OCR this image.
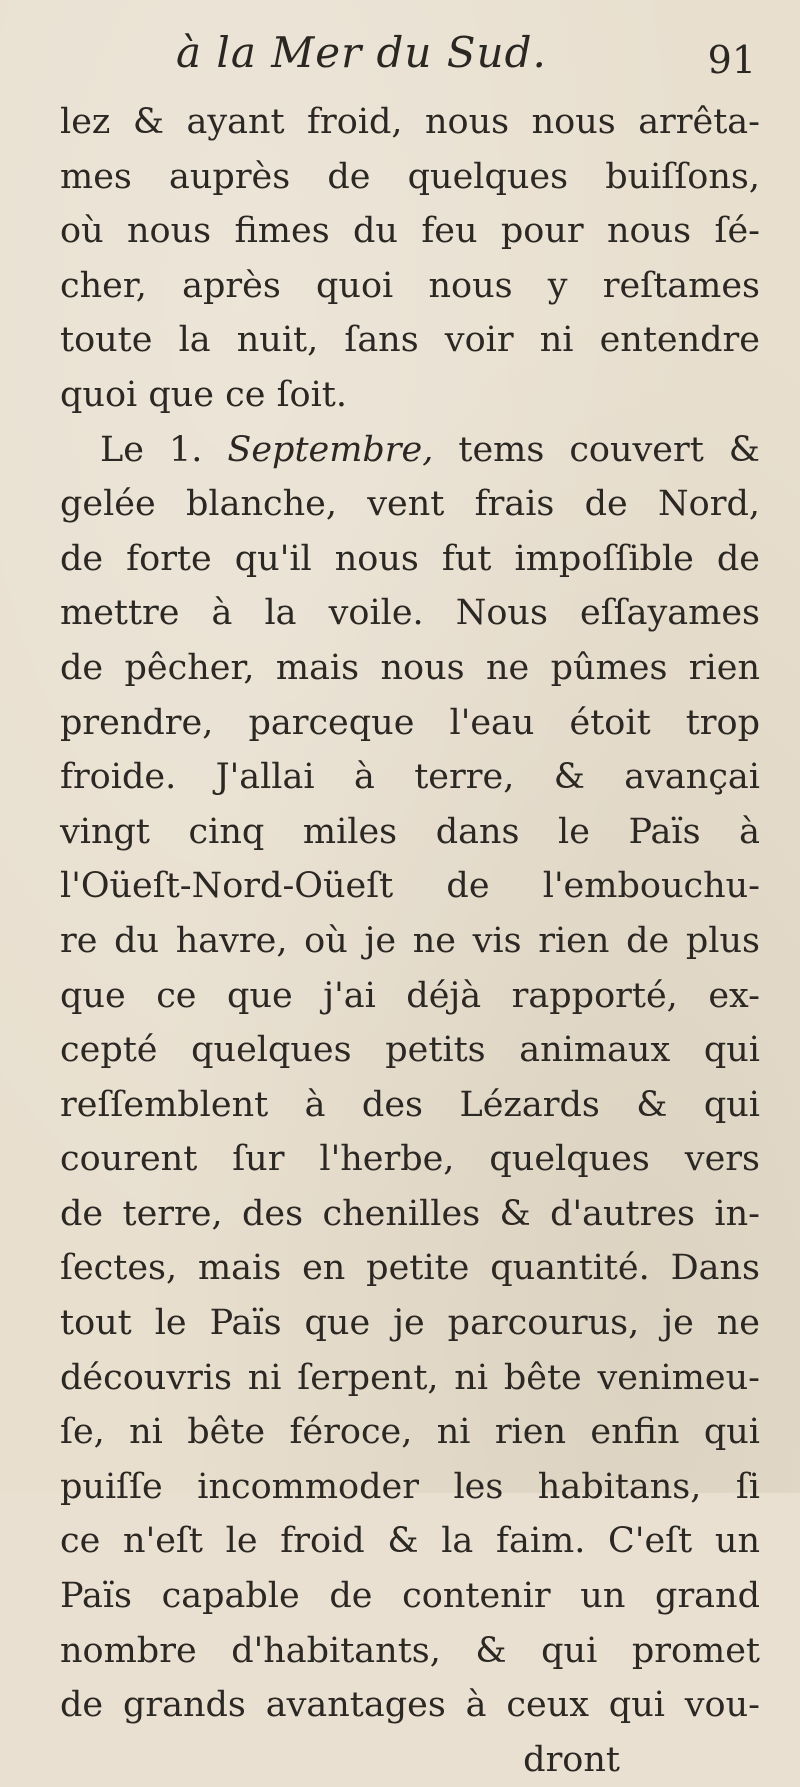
à la Mer du Sud.	91
lez & ayant froid, nous nous arrêta-
mes auprès de quelques buiſſons,
où nous fimes du feu pour nous ſé-
cher, après quoi nous y reſtames
toute la nuit, ſans voir ni entendre
quoi que ce ſoit.
Le 1. Septembre, tems couvert &
gelée blanche, vent frais de Nord,
de forte qu'il nous fut impoſſible de
mettre à la voile. Nous eſſayames
de pêcher, mais nous ne pûmes rien
prendre, parceque l'eau étoit trop
froide. J'allai à terre, & avançai
vingt cinq miles dans le Païs à
l'Oüeſt-Nord-Oüeſt de l'embouchu-
re du havre, où je ne vis rien de plus
que ce que j'ai déjà rapporté, ex-
cepté quelques petits animaux qui
reſſemblent à des Lézards & qui
courent ſur l'herbe, quelques vers
de terre, des chenilles & d'autres in-
ſectes, mais en petite quantité. Dans
tout le Païs que je parcourus, je ne
découvris ni ſerpent, ni bête venimeu-
ſe, ni bête féroce, ni rien enfin qui
puiſſe incommoder les habitans, ſi
ce n'eſt le froid & la faim. C'eſt un
Païs capable de contenir un grand
nombre d'habitants, & qui promet
de grands avantages à ceux qui vou-
dront
